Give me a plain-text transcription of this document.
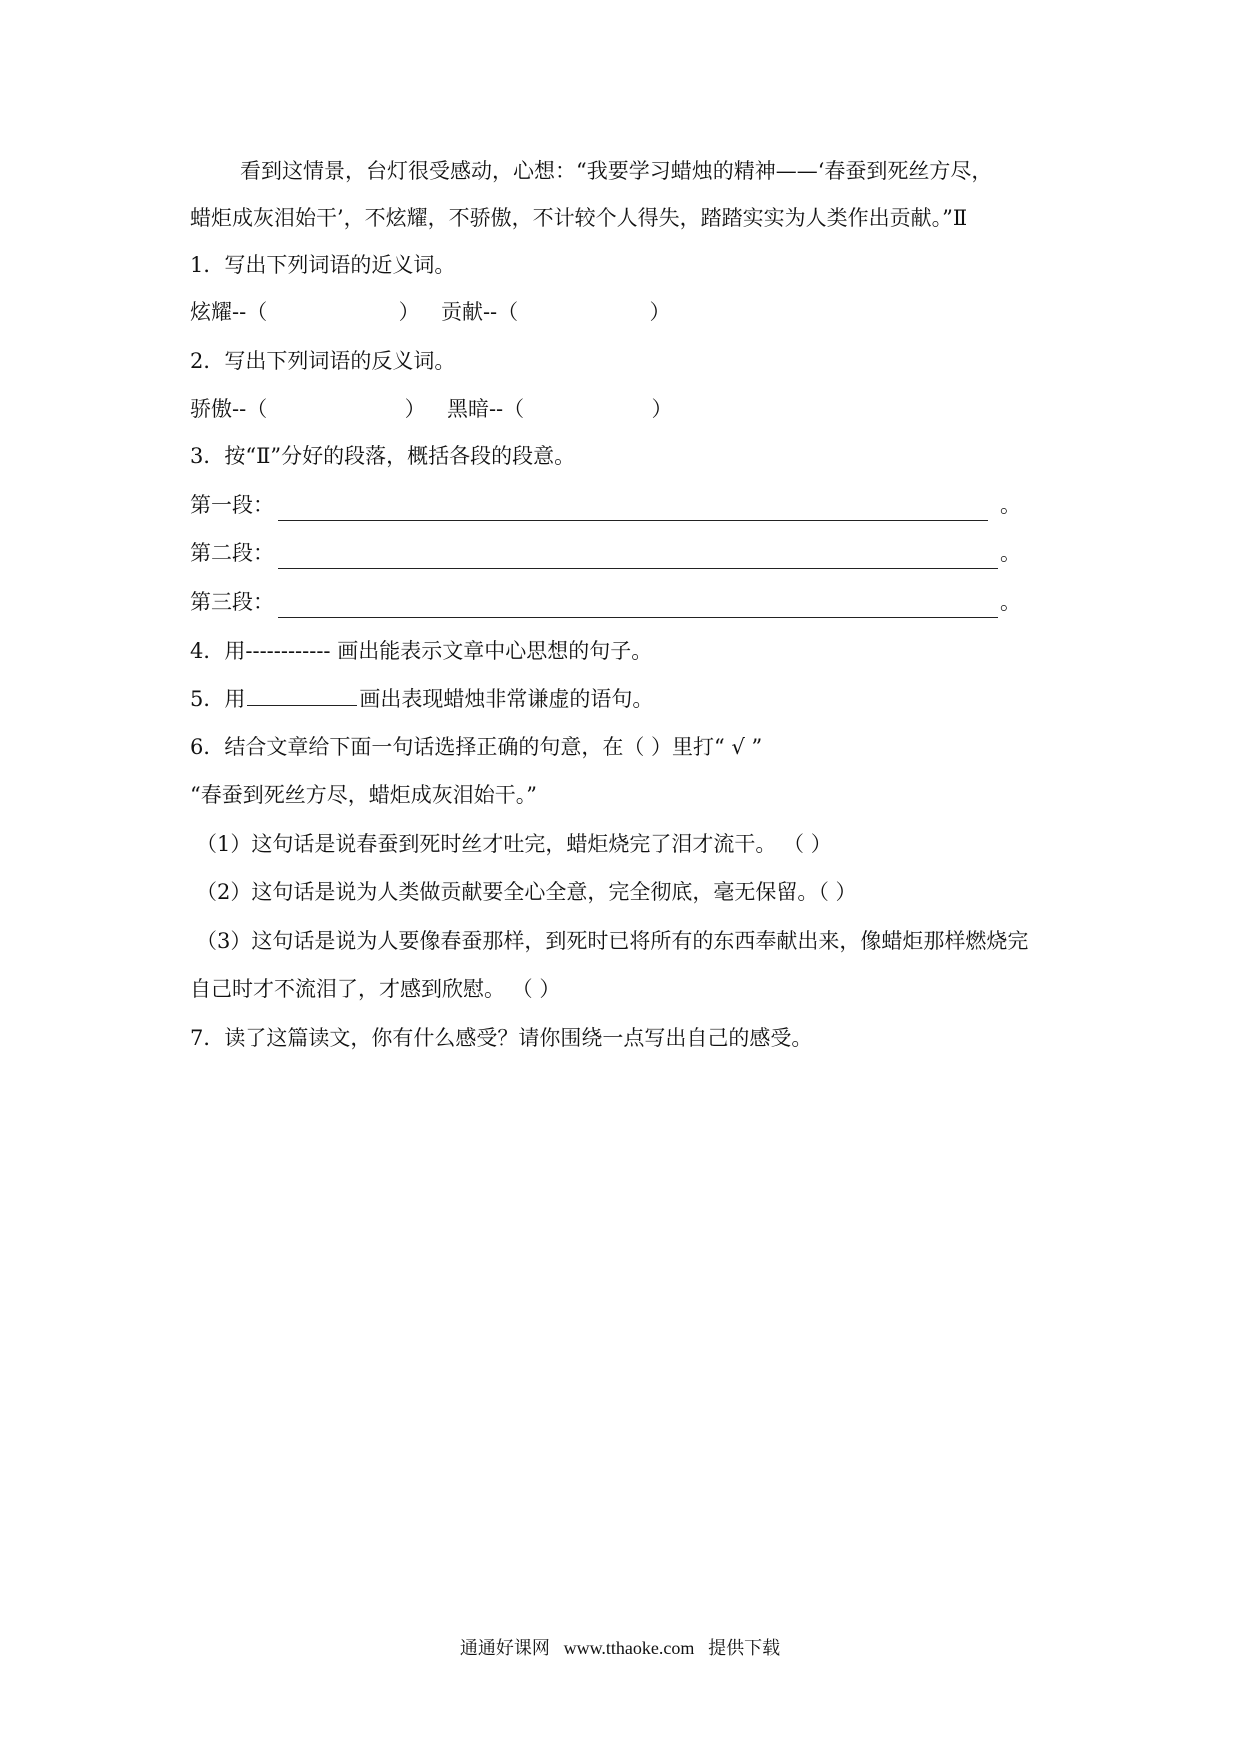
看到这情景，台灯很受感动，心想：“我要学习蜡烛的精神——‘春蚕到死丝方尽，
蜡炬成灰泪始干’，不炫耀，不骄傲，不计较个人得失，踏踏实实为人类作出贡献。”Ⅱ
1．写出下列词语的近义词。
炫耀--（	） 贡献--（	）
2．写出下列词语的反义词。
骄傲--（	） 黑暗--（	）
3．按“Ⅱ”分好的段落，概括各段的段意。
第一段：	。
第二段：	。
第三段：	。
4．用------------ 画出能表示文章中心思想的句子。
5．用	画出表现蜡烛非常谦虚的语句。
6．结合文章给下面一句话选择正确的句意，在（ ）里打“ √ ”
“春蚕到死丝方尽，蜡炬成灰泪始干。”
（1）这句话是说春蚕到死时丝才吐完，蜡炬烧完了泪才流干。 （ ）
（2）这句话是说为人类做贡献要全心全意，完全彻底，毫无保留。（ ）
（3）这句话是说为人要像春蚕那样，到死时已将所有的东西奉献出来，像蜡炬那样燃烧完
自己时才不流泪了，才感到欣慰。 （ ）
7．读了这篇读文，你有什么感受？请你围绕一点写出自己的感受。
通通好课网 www.tthaoke.com 提供下载
